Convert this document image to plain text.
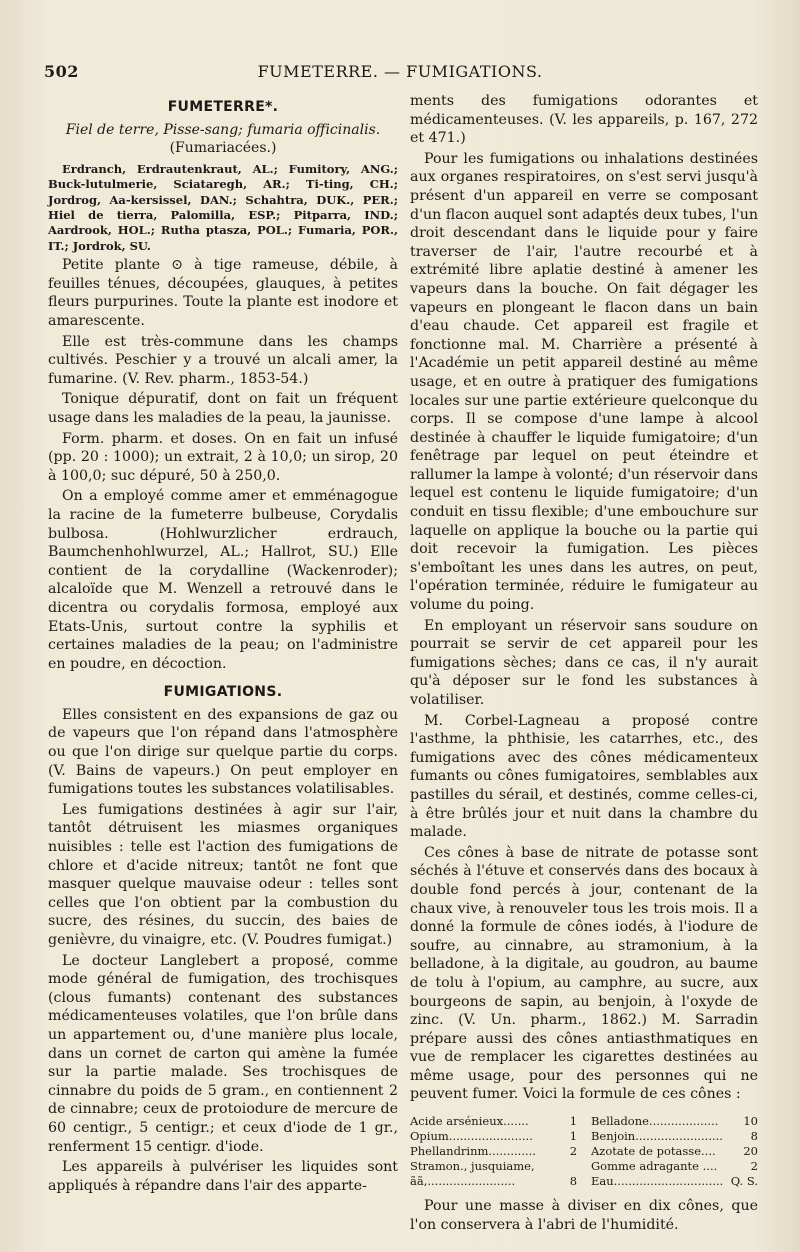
502	FUMETERRE. — FUMIGATIONS.
FUMETERRE*.
Fiel de terre, Pisse-sang; fumaria officinalis.
(Fumariacées.)

Erdranch, Erdrautenkraut, AL.; Fumitory, ANG.; Buck-lutulmerie, Sciataregh, AR.; Ti-ting, CH.; Jordrog, Aa-kersissel, DAN.; Schahtra, DUK., PER.; Hiel de tierra, Palomilla, ESP.; Pitparra, IND.; Aardrook, HOL.; Rutha ptasza, POL.; Fumaria, POR., IT.; Jordrok, SU.

Petite plante ⊙ à tige rameuse, débile, à feuilles ténues, découpées, glauques, à petites fleurs purpurines. Toute la plante est inodore et amarescente.

Elle est très-commune dans les champs cultivés. Peschier y a trouvé un alcali amer, la fumarine. (V. Rev. pharm., 1853-54.)

Tonique dépuratif, dont on fait un fréquent usage dans les maladies de la peau, la jaunisse.

Form. pharm. et doses. On en fait un infusé (pp. 20 : 1000); un extrait, 2 à 10,0; un sirop, 20 à 100,0; suc dépuré, 50 à 250,0.

On a employé comme amer et emménagogue la racine de la fumeterre bulbeuse, Corydalis bulbosa. (Hohlwurzlicher erdrauch, Baumchenhohlwurzel, AL.; Hallrot, SU.) Elle contient de la corydalline (Wackenroder); alcaloïde que M. Wenzell a retrouvé dans le dicentra ou corydalis formosa, employé aux Etats-Unis, surtout contre la syphilis et certaines maladies de la peau; on l'administre en poudre, en décoction.

FUMIGATIONS.

Elles consistent en des expansions de gaz ou de vapeurs que l'on répand dans l'atmosphère ou que l'on dirige sur quelque partie du corps. (V. Bains de vapeurs.) On peut employer en fumigations toutes les substances volatilisables.

Les fumigations destinées à agir sur l'air, tantôt détruisent les miasmes organiques nuisibles : telle est l'action des fumigations de chlore et d'acide nitreux; tantôt ne font que masquer quelque mauvaise odeur : telles sont celles que l'on obtient par la combustion du sucre, des résines, du succin, des baies de genièvre, du vinaigre, etc. (V. Poudres fumigat.)

Le docteur Langlebert a proposé, comme mode général de fumigation, des trochisques (clous fumants) contenant des substances médicamenteuses volatiles, que l'on brûle dans un appartement ou, d'une manière plus locale, dans un cornet de carton qui amène la fumée sur la partie malade. Ses trochisques de cinnabre du poids de 5 gram., en contiennent 2 de cinnabre; ceux de protoiodure de mercure de 60 centigr., 5 centigr.; et ceux d'iode de 1 gr., renferment 15 centigr. d'iode.

Les appareils à pulvériser les liquides sont appliqués à répandre dans l'air des apparte-

ments des fumigations odorantes et médicamenteuses. (V. les appareils, p. 167, 272 et 471.)

Pour les fumigations ou inhalations destinées aux organes respiratoires, on s'est servi jusqu'à présent d'un appareil en verre se composant d'un flacon auquel sont adaptés deux tubes, l'un droit descendant dans le liquide pour y faire traverser de l'air, l'autre recourbé et à extrémité libre aplatie destiné à amener les vapeurs dans la bouche. On fait dégager les vapeurs en plongeant le flacon dans un bain d'eau chaude. Cet appareil est fragile et fonctionne mal. M. Charrière a présenté à l'Académie un petit appareil destiné au même usage, et en outre à pratiquer des fumigations locales sur une partie extérieure quelconque du corps. Il se compose d'une lampe à alcool destinée à chauffer le liquide fumigatoire; d'un fenêtrage par lequel on peut éteindre et rallumer la lampe à volonté; d'un réservoir dans lequel est contenu le liquide fumigatoire; d'un conduit en tissu flexible; d'une embouchure sur laquelle on applique la bouche ou la partie qui doit recevoir la fumigation. Les pièces s'emboîtant les unes dans les autres, on peut, l'opération terminée, réduire le fumigateur au volume du poing.

En employant un réservoir sans soudure on pourrait se servir de cet appareil pour les fumigations sèches; dans ce cas, il n'y aurait qu'à déposer sur le fond les substances à volatiliser.

M. Corbel-Lagneau a proposé contre l'asthme, la phthisie, les catarrhes, etc., des fumigations avec des cônes médicamenteux fumants ou cônes fumigatoires, semblables aux pastilles du sérail, et destinés, comme celles-ci, à être brûlés jour et nuit dans la chambre du malade.

Ces cônes à base de nitrate de potasse sont séchés à l'étuve et conservés dans des bocaux à double fond percés à jour, contenant de la chaux vive, à renouveler tous les trois mois. Il a donné la formule de cônes iodés, à l'iodure de soufre, au cinnabre, au stramonium, à la belladone, à la digitale, au goudron, au baume de tolu à l'opium, au camphre, au sucre, aux bourgeons de sapin, au benjoin, à l'oxyde de zinc. (V. Un. pharm., 1862.) M. Sarradin prépare aussi des cônes antiasthmatiques en vue de remplacer les cigarettes destinées au même usage, pour des personnes qui ne peuvent fumer. Voici la formule de ces cônes :

Acide arsénieux.......	1
Opium.......................	1
Phellandrinm.............	2
Stramon., jusquiame,
ãã,........................	8
Belladone...................	10
Benjoin........................	8
Azotate de potasse....	20
Gomme adragante ....	2
Eau.............................. Q. S.

Pour une masse à diviser en dix cônes, que l'on conservera à l'abri de l'humidité.
